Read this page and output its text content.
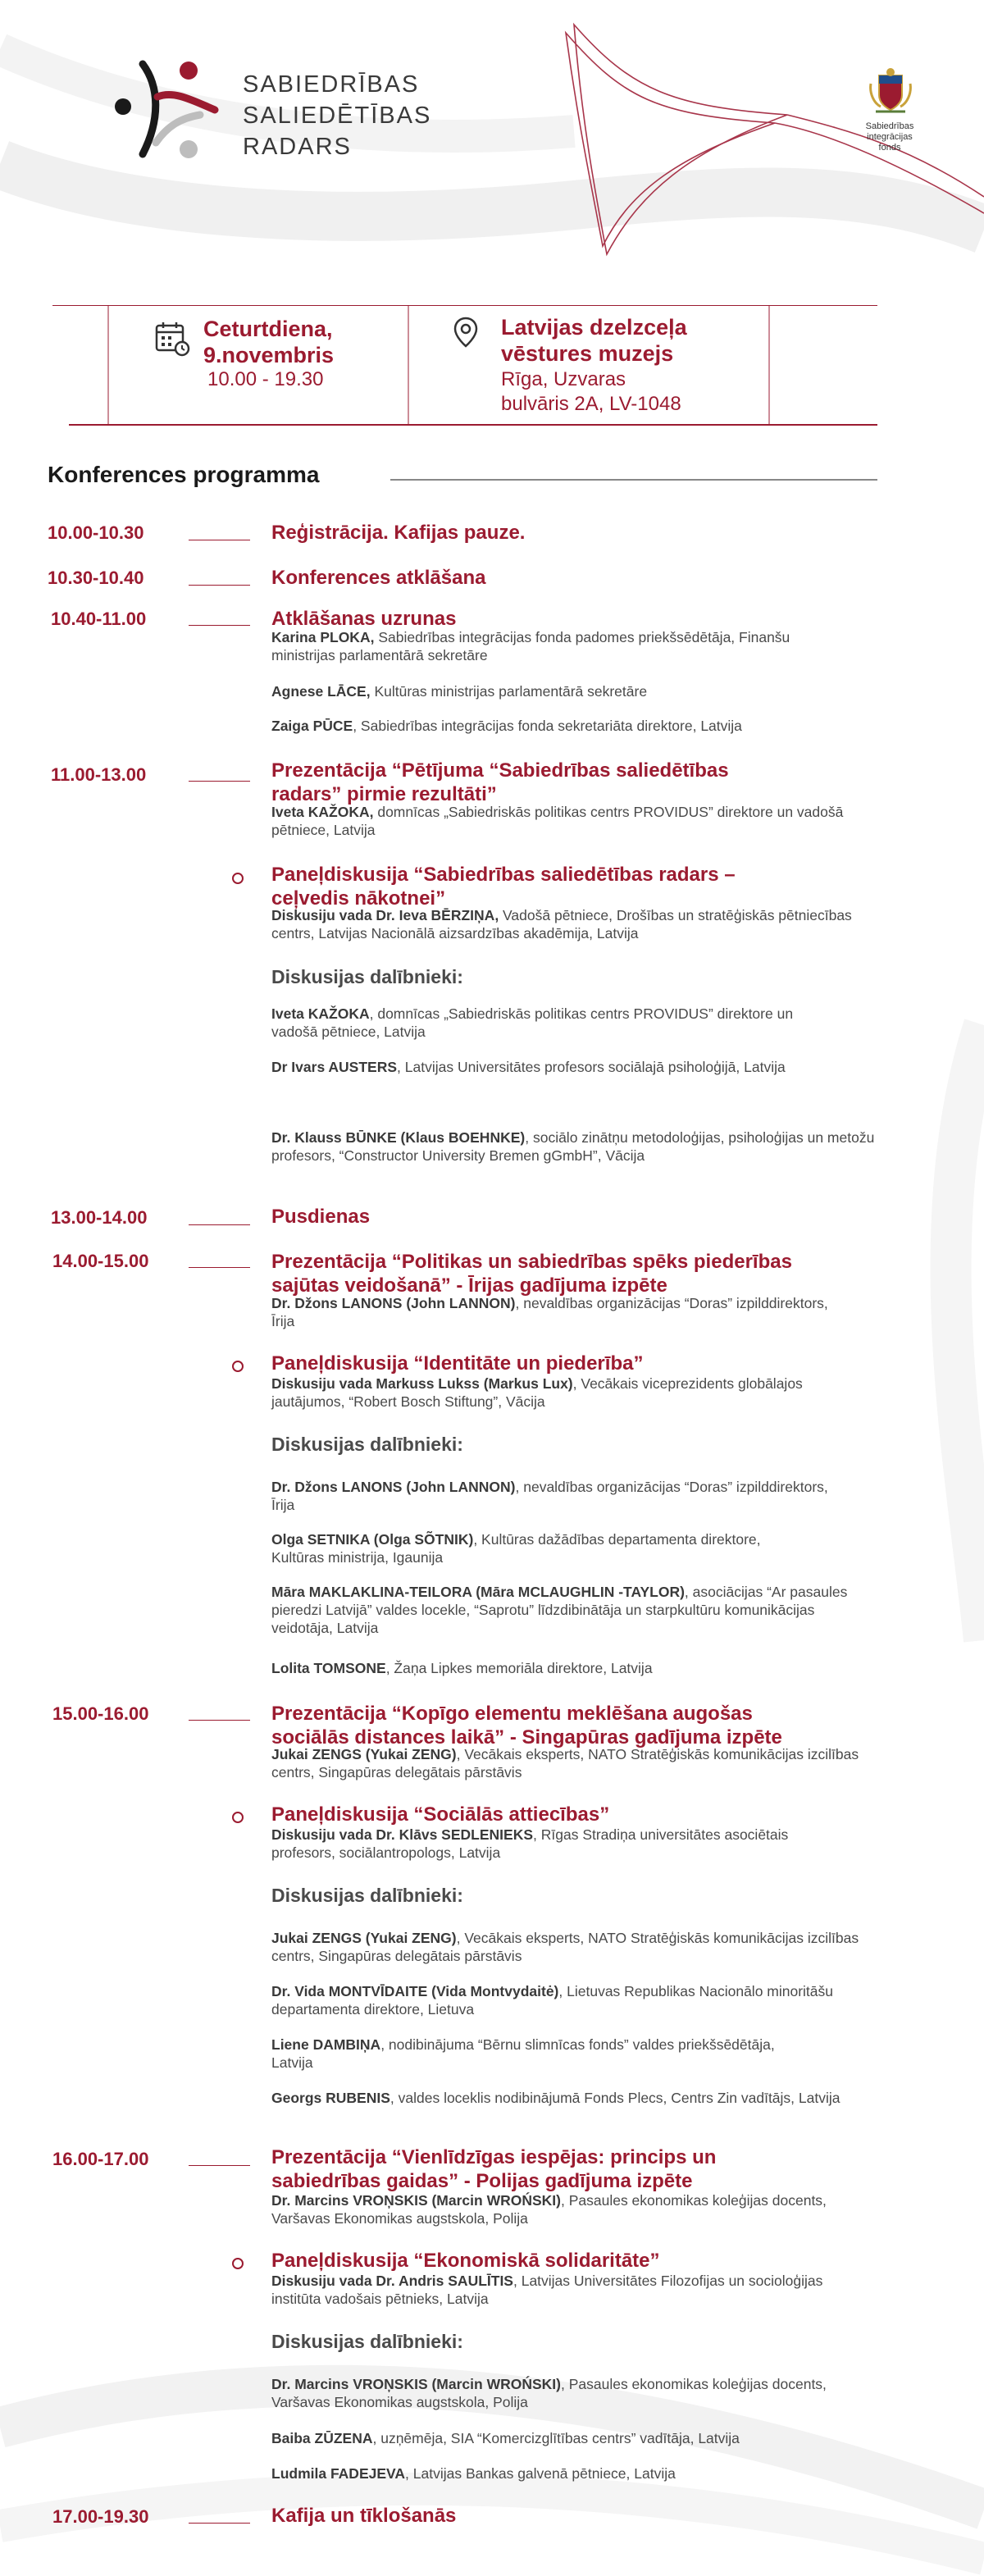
SABIEDRĪBAS
SALIEDĒTĪBAS
RADARS
Sabiedrības integrācijas
fonds
Ceturtdiena,
9.novembris
10.00 - 19.30
Latvijas dzelzceļa
vēstures muzejs
Rīga, Uzvaras
bulvāris 2A, LV-1048
Konferences programma
10.00-10.30	Reģistrācija. Kafijas pauze.
10.30-10.40	Konferences atklāšana
10.40-11.00	Atklāšanas uzrunas
Karina PLOKA, Sabiedrības integrācijas fonda padomes priekšsēdētāja, Finanšu ministrijas parlamentārā sekretāre
Agnese LĀCE, Kultūras ministrijas parlamentārā sekretāre
Zaiga PŪCE, Sabiedrības integrācijas fonda sekretariāta direktore, Latvija
11.00-13.00	Prezentācija “Pētījuma “Sabiedrības saliedētības
radars” pirmie rezultāti”
Iveta KAŽOKA, domnīcas „Sabiedriskās politikas centrs PROVIDUS” direktore un vadošā pētniece, Latvija
Paneļdiskusija “Sabiedrības saliedētības radars –
ceļvedis nākotnei”
Diskusiju vada Dr. Ieva BĒRZIŅA, Vadošā pētniece, Drošības un stratēģiskās pētniecības centrs, Latvijas Nacionālā aizsardzības akadēmija, Latvija
Diskusijas dalībnieki:
Iveta KAŽOKA, domnīcas „Sabiedriskās politikas centrs PROVIDUS” direktore un vadošā pētniece, Latvija
Dr Ivars AUSTERS, Latvijas Universitātes profesors sociālajā psiholoģijā, Latvija
Dr. Klauss BŪNKE (Klaus BOEHNKE), sociālo zinātņu metodoloģijas, psiholoģijas un metožu profesors, “Constructor University Bremen gGmbH”, Vācija
13.00-14.00	Pusdienas
14.00-15.00	Prezentācija “Politikas un sabiedrības spēks piederības
sajūtas veidošanā” - Īrijas gadījuma izpēte
Dr. Džons LANONS (John LANNON), nevaldības organizācijas “Doras” izpilddirektors, Īrija
Paneļdiskusija “Identitāte un piederība”
Diskusiju vada Markuss Lukss (Markus Lux), Vecākais viceprezidents globālajos jautājumos, “Robert Bosch Stiftung”, Vācija
Diskusijas dalībnieki:
Dr. Džons LANONS (John LANNON), nevaldības organizācijas “Doras” izpilddirektors, Īrija
Olga SETNIKA (Olga SÕTNIK), Kultūras dažādības departamenta direktore, Kultūras ministrija, Igaunija
Māra MAKLAKLINA-TEILORA (Māra MCLAUGHLIN -TAYLOR), asociācijas “Ar pasaules pieredzi Latvijā” valdes locekle, “Saprotu” līdzdibinātāja un starpkultūru komunikācijas veidotāja, Latvija
Lolita TOMSONE, Žaņa Lipkes memoriāla direktore, Latvija
15.00-16.00	Prezentācija “Kopīgo elementu meklēšana augošas
sociālās distances laikā” - Singapūras gadījuma izpēte
Jukai ZENGS (Yukai ZENG), Vecākais eksperts, NATO Stratēģiskās komunikācijas izcilības centrs, Singapūras delegātais pārstāvis
Paneļdiskusija “Sociālās attiecības”
Diskusiju vada Dr. Klāvs SEDLENIEKS, Rīgas Stradiņa universitātes asociētais profesors, sociālantropologs, Latvija
Diskusijas dalībnieki:
Jukai ZENGS (Yukai ZENG), Vecākais eksperts, NATO Stratēģiskās komunikācijas izcilības centrs, Singapūras delegātais pārstāvis
Dr. Vida MONTVĪDAITE (Vida Montvydaitė), Lietuvas Republikas Nacionālo minoritāšu departamenta direktore, Lietuva
Liene DAMBIŅA, nodibinājuma “Bērnu slimnīcas fonds” valdes priekšsēdētāja, Latvija
Georgs RUBENIS, valdes loceklis nodibinājumā Fonds Plecs, Centrs Zin vadītājs, Latvija
16.00-17.00	Prezentācija “Vienlīdzīgas iespējas: princips un
sabiedrības gaidas” - Polijas gadījuma izpēte
Dr. Marcins VROŅSKIS (Marcin WROŃSKI), Pasaules ekonomikas koleģijas docents, Varšavas Ekonomikas augstskola, Polija
Paneļdiskusija “Ekonomiskā solidaritāte”
Diskusiju vada Dr. Andris SAULĪTIS, Latvijas Universitātes Filozofijas un socioloģijas institūta vadošais pētnieks, Latvija
Diskusijas dalībnieki:
Dr. Marcins VROŅSKIS (Marcin WROŃSKI), Pasaules ekonomikas koleģijas docents, Varšavas Ekonomikas augstskola, Polija
Baiba ZŪZENA, uzņēmēja, SIA “Komercizglītības centrs” vadītāja, Latvija
Ludmila FADEJEVA, Latvijas Bankas galvenā pētniece, Latvija
17.00-19.30	Kafija un tīklošanās
